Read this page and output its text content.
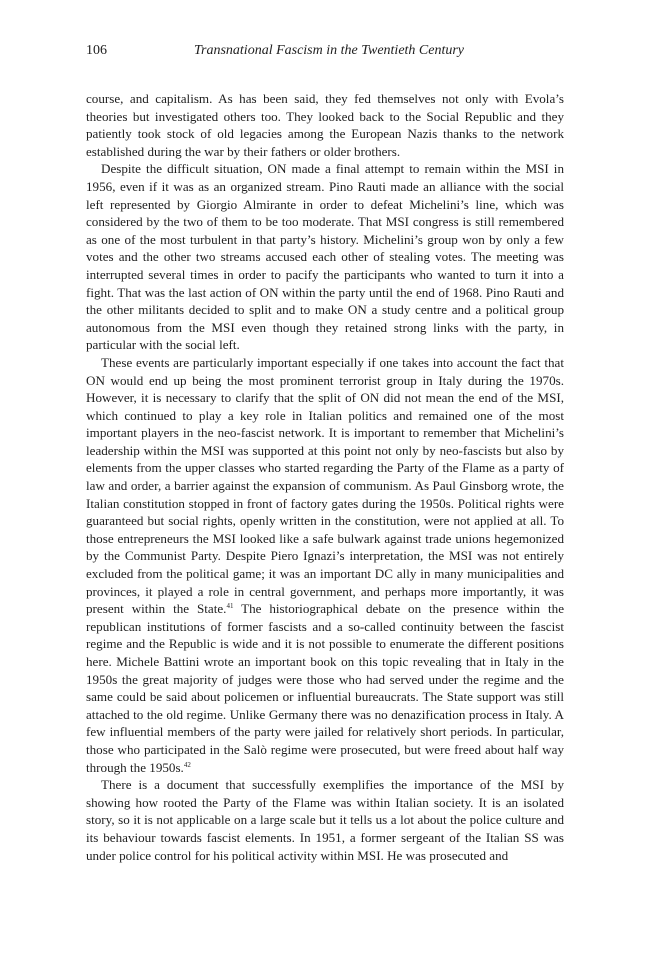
106	Transnational Fascism in the Twentieth Century

course, and capitalism. As has been said, they fed themselves not only with Evola’s theories but investigated others too. They looked back to the Social Republic and they patiently took stock of old legacies among the European Nazis thanks to the network established during the war by their fathers or older brothers.

Despite the difficult situation, ON made a final attempt to remain within the MSI in 1956, even if it was as an organized stream. Pino Rauti made an alliance with the social left represented by Giorgio Almirante in order to defeat Michelini’s line, which was considered by the two of them to be too moderate. That MSI congress is still remembered as one of the most turbulent in that party’s history. Michelini’s group won by only a few votes and the other two streams accused each other of stealing votes. The meeting was interrupted several times in order to pacify the participants who wanted to turn it into a fight. That was the last action of ON within the party until the end of 1968. Pino Rauti and the other militants decided to split and to make ON a study centre and a political group autonomous from the MSI even though they retained strong links with the party, in particular with the social left.

These events are particularly important especially if one takes into account the fact that ON would end up being the most prominent terrorist group in Italy during the 1970s. However, it is necessary to clarify that the split of ON did not mean the end of the MSI, which continued to play a key role in Italian politics and remained one of the most important players in the neo-fascist network. It is important to remember that Michelini’s leadership within the MSI was supported at this point not only by neo-fascists but also by elements from the upper classes who started regarding the Party of the Flame as a party of law and order, a barrier against the expansion of communism. As Paul Ginsborg wrote, the Italian constitution stopped in front of factory gates during the 1950s. Political rights were guaranteed but social rights, openly written in the constitution, were not applied at all. To those entrepreneurs the MSI looked like a safe bulwark against trade unions hegemonized by the Communist Party. Despite Piero Ignazi’s interpretation, the MSI was not entirely excluded from the political game; it was an important DC ally in many municipalities and provinces, it played a role in central government, and perhaps more importantly, it was present within the State.$^{41}$ The historiographical debate on the presence within the republican institutions of former fascists and a so-called continuity between the fascist regime and the Republic is wide and it is not possible to enumerate the different positions here. Michele Battini wrote an important book on this topic revealing that in Italy in the 1950s the great majority of judges were those who had served under the regime and the same could be said about policemen or influential bureaucrats. The State support was still attached to the old regime. Unlike Germany there was no denazification process in Italy. A few influential members of the party were jailed for relatively short periods. In particular, those who participated in the Salò regime were prosecuted, but were freed about half way through the 1950s.$^{42}$

There is a document that successfully exemplifies the importance of the MSI by showing how rooted the Party of the Flame was within Italian society. It is an isolated story, so it is not applicable on a large scale but it tells us a lot about the police culture and its behaviour towards fascist elements. In 1951, a former sergeant of the Italian SS was under police control for his political activity within MSI. He was prosecuted and
